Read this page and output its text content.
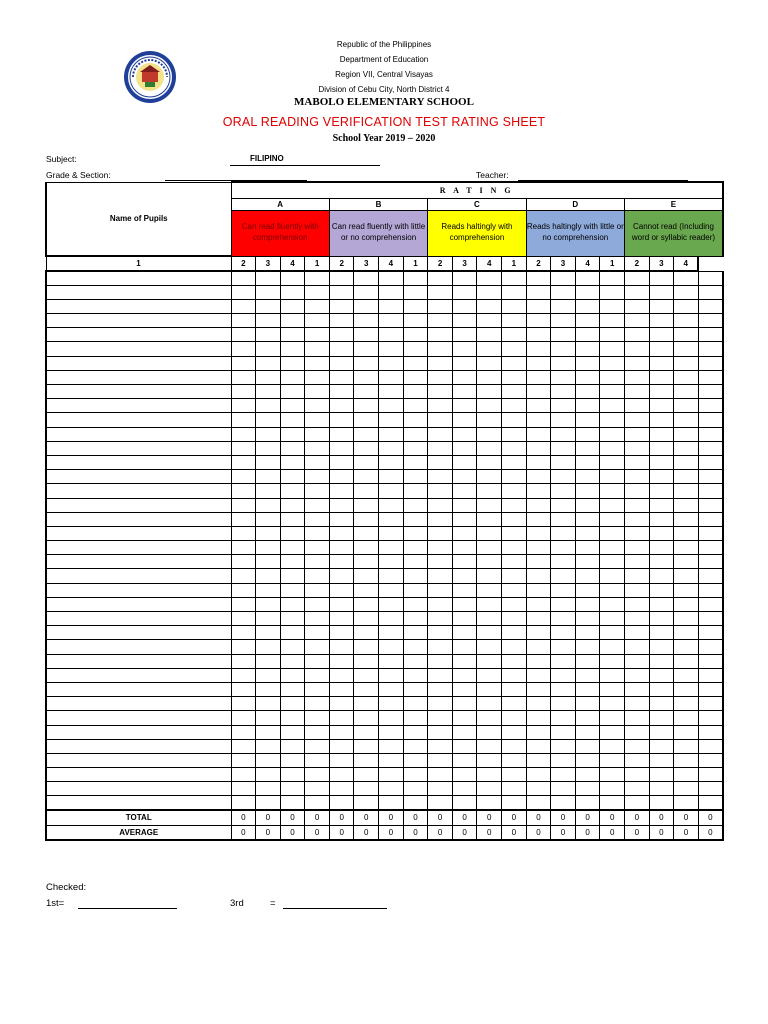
Republic of the Philippines
Department of Education
Region VII, Central Visayas
Division of Cebu City, North District 4
MABOLO ELEMENTARY SCHOOL
ORAL READING VERIFICATION TEST RATING SHEET
School Year 2019 – 2020
Subject:	FILIPINO
Grade & Section:	Teacher:
Name of Pupils	R A T I N G																			
	A				B				C				D				E			
	Can read fluently with comprehension				Can read fluently with little or no comprehension				Reads haltingly with comprehension				Reads haltingly with little or no comprehension				Cannot read (Including word or syllabic reader)			
1	2	3	4	1	2	3	4	1	2	3	4	1	2	3	4	1	2	3	4	

TOTAL	0	0	0	0	0	0	0	0	0	0	0	0	0	0	0	0	0	0	0	0
AVERAGE	0	0	0	0	0	0	0	0	0	0	0	0	0	0	0	0	0	0	0	0
Checked:
1st=	3rd	=
